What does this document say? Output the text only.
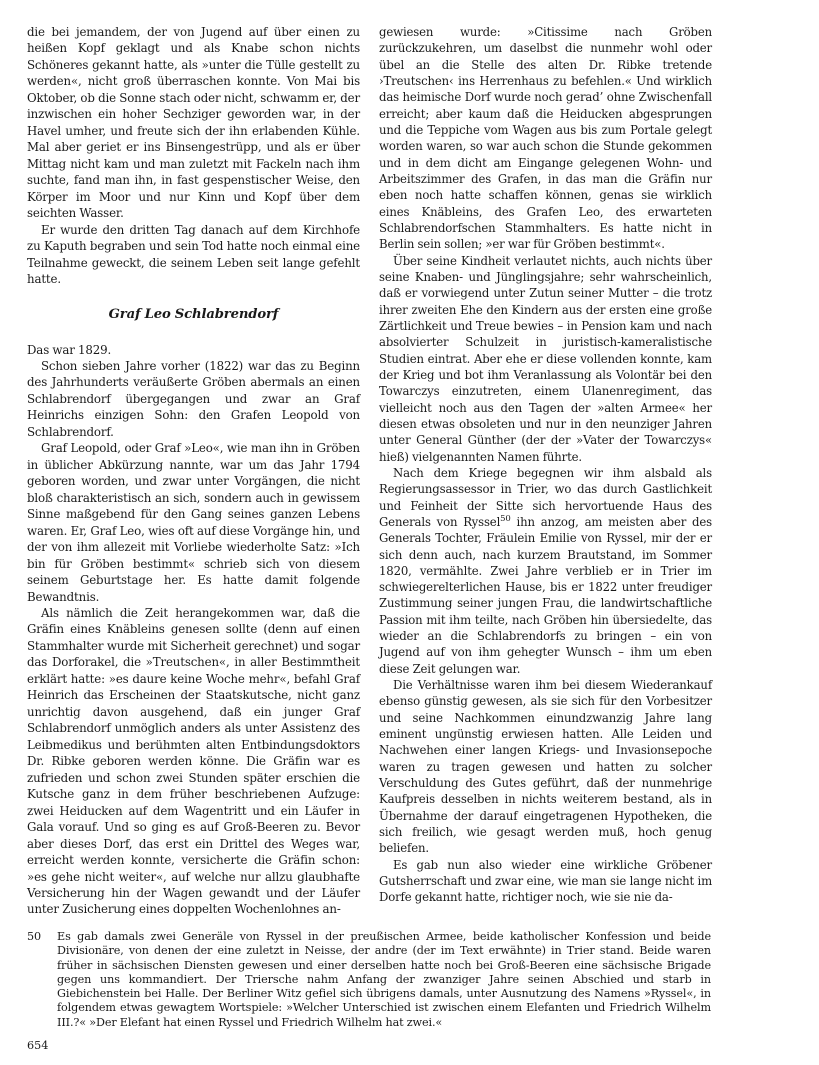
die bei jemandem, der von Jugend auf über einen zu heißen Kopf geklagt und als Knabe schon nichts Schöneres gekannt hatte, als »unter die Tülle gestellt zu werden«, nicht groß überraschen konnte. Von Mai bis Oktober, ob die Sonne stach oder nicht, schwamm er, der inzwischen ein hoher Sechziger geworden war, in der Havel umher, und freute sich der ihn erlabenden Kühle. Mal aber geriet er ins Binsengestrüpp, und als er über Mittag nicht kam und man zuletzt mit Fackeln nach ihm suchte, fand man ihn, in fast gespenstischer Weise, den Körper im Moor und nur Kinn und Kopf über dem seichten Wasser.

Er wurde den dritten Tag danach auf dem Kirchhofe zu Kaputh begraben und sein Tod hatte noch einmal eine Teilnahme geweckt, die seinem Leben seit lange gefehlt hatte.

Graf Leo Schlabrendorf

Das war 1829.

Schon sieben Jahre vorher (1822) war das zu Beginn des Jahrhunderts veräußerte Gröben abermals an einen Schlabrendorf übergegangen und zwar an Graf Heinrichs einzigen Sohn: den Grafen Leopold von Schlabrendorf.

Graf Leopold, oder Graf »Leo«, wie man ihn in Gröben in üblicher Abkürzung nannte, war um das Jahr 1794 geboren worden, und zwar unter Vorgängen, die nicht bloß charakteristisch an sich, sondern auch in gewissem Sinne maßgebend für den Gang seines ganzen Lebens waren. Er, Graf Leo, wies oft auf diese Vorgänge hin, und der von ihm allezeit mit Vorliebe wiederholte Satz: »Ich bin für Gröben bestimmt« schrieb sich von diesem seinem Geburtstage her. Es hatte damit folgende Bewandtnis.

Als nämlich die Zeit herangekommen war, daß die Gräfin eines Knäbleins genesen sollte (denn auf einen Stammhalter wurde mit Sicherheit gerechnet) und sogar das Dorforakel, die »Treutschen«, in aller Bestimmtheit erklärt hatte: »es daure keine Woche mehr«, befahl Graf Heinrich das Erscheinen der Staatskutsche, nicht ganz unrichtig davon ausgehend, daß ein junger Graf Schlabrendorf unmöglich anders als unter Assistenz des Leibmedikus und berühmten alten Entbindungsdoktors Dr. Ribke geboren werden könne. Die Gräfin war es zufrieden und schon zwei Stunden später erschien die Kutsche ganz in dem früher beschriebenen Aufzuge: zwei Heiducken auf dem Wagentritt und ein Läufer in Gala vorauf. Und so ging es auf Groß-Beeren zu. Bevor aber dieses Dorf, das erst ein Drittel des Weges war, erreicht werden konnte, versicherte die Gräfin schon: »es gehe nicht weiter«, auf welche nur allzu glaubhafte Versicherung hin der Wagen gewandt und der Läufer unter Zusicherung eines doppelten Wochenlohnes an-

gewiesen wurde: »Citissime nach Gröben zurückzukehren, um daselbst die nunmehr wohl oder übel an die Stelle des alten Dr. Ribke tretende ›Treutschen‹ ins Herrenhaus zu befehlen.« Und wirklich das heimische Dorf wurde noch gerad’ ohne Zwischenfall erreicht; aber kaum daß die Heiducken abgesprungen und die Teppiche vom Wagen aus bis zum Portale gelegt worden waren, so war auch schon die Stunde gekommen und in dem dicht am Eingange gelegenen Wohn- und Arbeitszimmer des Grafen, in das man die Gräfin nur eben noch hatte schaffen können, genas sie wirklich eines Knäbleins, des Grafen Leo, des erwarteten Schlabrendorfschen Stammhalters. Es hatte nicht in Berlin sein sollen; »er war für Gröben bestimmt«.

Über seine Kindheit verlautet nichts, auch nichts über seine Knaben- und Jünglingsjahre; sehr wahrscheinlich, daß er vorwiegend unter Zutun seiner Mutter – die trotz ihrer zweiten Ehe den Kindern aus der ersten eine große Zärtlichkeit und Treue bewies – in Pension kam und nach absolvierter Schulzeit in juristisch-kameralistische Studien eintrat. Aber ehe er diese vollenden konnte, kam der Krieg und bot ihm Veranlassung als Volontär bei den Towarczys einzutreten, einem Ulanenregiment, das vielleicht noch aus den Tagen der »alten Armee« her diesen etwas obsoleten und nur in den neunziger Jahren unter General Günther (der der »Vater der Towarczys« hieß) vielgenannten Namen führte.

Nach dem Kriege begegnen wir ihm alsbald als Regierungsassessor in Trier, wo das durch Gastlichkeit und Feinheit der Sitte sich hervortuende Haus des Generals von Ryssel$^{50}$ ihn anzog, am meisten aber des Generals Tochter, Fräulein Emilie von Ryssel, mir der er sich denn auch, nach kurzem Brautstand, im Sommer 1820, vermählte. Zwei Jahre verblieb er in Trier im schwiegerelterlichen Hause, bis er 1822 unter freudiger Zustimmung seiner jungen Frau, die landwirtschaftliche Passion mit ihm teilte, nach Gröben hin übersiedelte, das wieder an die Schlabrendorfs zu bringen – ein von Jugend auf von ihm gehegter Wunsch – ihm um eben diese Zeit gelungen war.

Die Verhältnisse waren ihm bei diesem Wiederankauf ebenso günstig gewesen, als sie sich für den Vorbesitzer und seine Nachkommen einundzwanzig Jahre lang eminent ungünstig erwiesen hatten. Alle Leiden und Nachwehen einer langen Kriegs- und Invasionsepoche waren zu tragen gewesen und hatten zu solcher Verschuldung des Gutes geführt, daß der nunmehrige Kaufpreis desselben in nichts weiterem bestand, als in Übernahme der darauf eingetragenen Hypotheken, die sich freilich, wie gesagt werden muß, hoch genug beliefen.

Es gab nun also wieder eine wirkliche Gröbener Gutsherrschaft und zwar eine, wie man sie lange nicht im Dorfe gekannt hatte, richtiger noch, wie sie nie da-

50 Es gab damals zwei Generäle von Ryssel in der preußischen Armee, beide katholischer Konfession und beide Divisionäre, von denen der eine zuletzt in Neisse, der andre (der im Text erwähnte) in Trier stand. Beide waren früher in sächsischen Diensten gewesen und einer derselben hatte noch bei Groß-Beeren eine sächsische Brigade gegen uns kommandiert. Der Triersche nahm Anfang der zwanziger Jahre seinen Abschied und starb in Giebichenstein bei Halle. Der Berliner Witz gefiel sich übrigens damals, unter Ausnutzung des Namens »Ryssel«, in folgendem etwas gewagtem Wortspiele: »Welcher Unterschied ist zwischen einem Elefanten und Friedrich Wilhelm III.?« »Der Elefant hat einen Ryssel und Friedrich Wilhelm hat zwei.«
654
